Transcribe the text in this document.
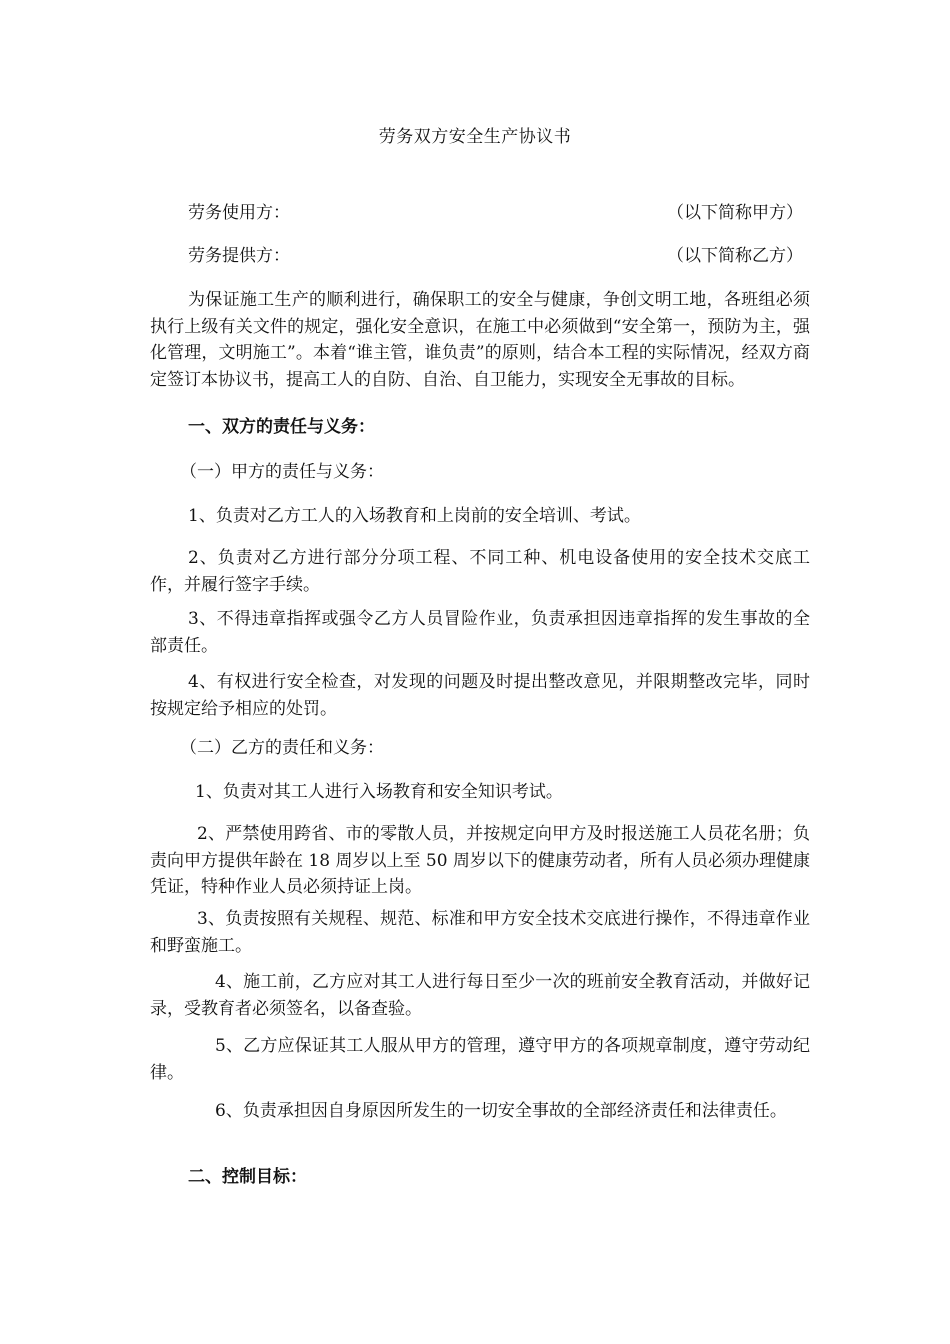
劳务双方安全生产协议书
劳务使用方：	（以下简称甲方）
劳务提供方：	（以下简称乙方）
为保证施工生产的顺利进行，确保职工的安全与健康，争创文明工地，各班组必须执行上级有关文件的规定，强化安全意识，在施工中必须做到“安全第一，预防为主，强化管理，文明施工”。本着“谁主管，谁负责”的原则，结合本工程的实际情况，经双方商定签订本协议书，提高工人的自防、自治、自卫能力，实现安全无事故的目标。
一、双方的责任与义务：
（一）甲方的责任与义务：
1、负责对乙方工人的入场教育和上岗前的安全培训、考试。
2、负责对乙方进行部分分项工程、不同工种、机电设备使用的安全技术交底工作，并履行签字手续。
3、不得违章指挥或强令乙方人员冒险作业，负责承担因违章指挥的发生事故的全部责任。
4、有权进行安全检查，对发现的问题及时提出整改意见，并限期整改完毕，同时按规定给予相应的处罚。
（二）乙方的责任和义务：
1、负责对其工人进行入场教育和安全知识考试。
2、严禁使用跨省、市的零散人员，并按规定向甲方及时报送施工人员花名册；负责向甲方提供年龄在 18 周岁以上至 50 周岁以下的健康劳动者，所有人员必须办理健康凭证，特种作业人员必须持证上岗。
3、负责按照有关规程、规范、标准和甲方安全技术交底进行操作，不得违章作业和野蛮施工。
4、施工前，乙方应对其工人进行每日至少一次的班前安全教育活动，并做好记录，受教育者必须签名，以备查验。
5、乙方应保证其工人服从甲方的管理，遵守甲方的各项规章制度，遵守劳动纪律。
6、负责承担因自身原因所发生的一切安全事故的全部经济责任和法律责任。
二、控制目标：
